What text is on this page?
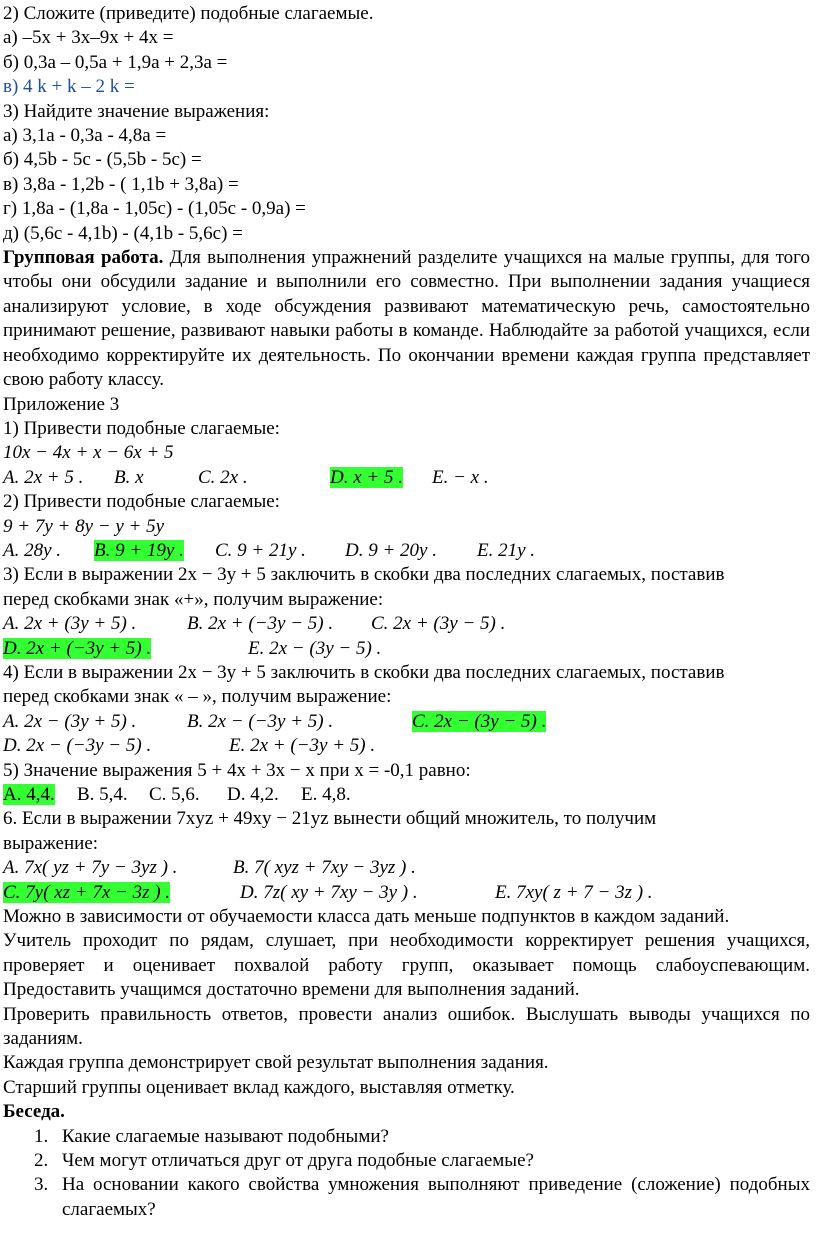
2) Сложите (приведите) подобные слагаемые.
а) –5x + 3x–9x + 4x =
б) 0,3а – 0,5а + 1,9а + 2,3а =
в) 4 k + k – 2 k =
3) Найдите значение выражения:
а) 3,1a - 0,3a - 4,8a =
б) 4,5b - 5c - (5,5b - 5c) =
в) 3,8a - 1,2b - ( 1,1b + 3,8a) =
г) 1,8a - (1,8a - 1,05c) - (1,05c - 0,9a) =
д) (5,6c - 4,1b) - (4,1b - 5,6c) =
Групповая работа. Для выполнения упражнений разделите учащихся на малые группы, для того чтобы они обсудили задание и выполнили его совместно. При выполнении задания учащиеся анализируют условие, в ходе обсуждения развивают математическую речь, самостоятельно принимают решение, развивают навыки работы в команде. Наблюдайте за работой учащихся, если необходимо корректируйте их деятельность. По окончании времени каждая группа представляет свою работу классу.
Приложение 3
1) Привести подобные слагаемые:
10x − 4x + x − 6x + 5
А. 2x + 5 .	В. x	С. 2x .	D. x + 5 .	Е. − x .
2) Привести подобные слагаемые:
9 + 7y + 8y − y + 5y
А. 28y .	В. 9 + 19y .	С. 9 + 21y .	D. 9 + 20y .	Е. 21y .
3) Если в выражении 2x − 3y + 5 заключить в скобки два последних слагаемых, поставив
перед скобками знак «+», получим выражение:
А. 2x + (3y + 5) .	В. 2x + (−3y − 5) .	С. 2x + (3y − 5) .
D. 2x + (−3y + 5) .	Е. 2x − (3y − 5) .
4) Если в выражении 2x − 3y + 5 заключить в скобки два последних слагаемых, поставив
перед скобками знак « – », получим выражение:
А. 2x − (3y + 5) .	В. 2x − (−3y + 5) .	С. 2x − (3y − 5) .
D. 2x − (−3y − 5) .	Е. 2x + (−3y + 5) .
5) Значение выражения 5 + 4x + 3x − x при x = -0,1 равно:
А. 4,4.	В. 5,4.	С. 5,6.	D. 4,2.	Е. 4,8.
6. Если в выражении 7xyz + 49xy − 21yz вынести общий множитель, то получим
выражение:
А. 7x( yz + 7y − 3yz ) .	В. 7( xyz + 7xy − 3yz ) .
С. 7y( xz + 7x − 3z ) .	D. 7z( xy + 7xy − 3y ) .	Е. 7xy( z + 7 − 3z ) .
Можно в зависимости от обучаемости класса дать меньше подпунктов в каждом заданий.
Учитель проходит по рядам, слушает, при необходимости корректирует решения учащихся, проверяет и оценивает похвалой работу групп, оказывает помощь слабоуспевающим. Предоставить учащимся достаточно времени для выполнения заданий.
Проверить правильность ответов, провести анализ ошибок. Выслушать выводы учащихся по заданиям.
Каждая группа демонстрирует свой результат выполнения задания.
Старший группы оценивает вклад каждого, выставляя отметку.
Беседа.
1. Какие слагаемые называют подобными?
2. Чем могут отличаться друг от друга подобные слагаемые?
3. На основании какого свойства умножения выполняют приведение (сложение) подобных слагаемых?
